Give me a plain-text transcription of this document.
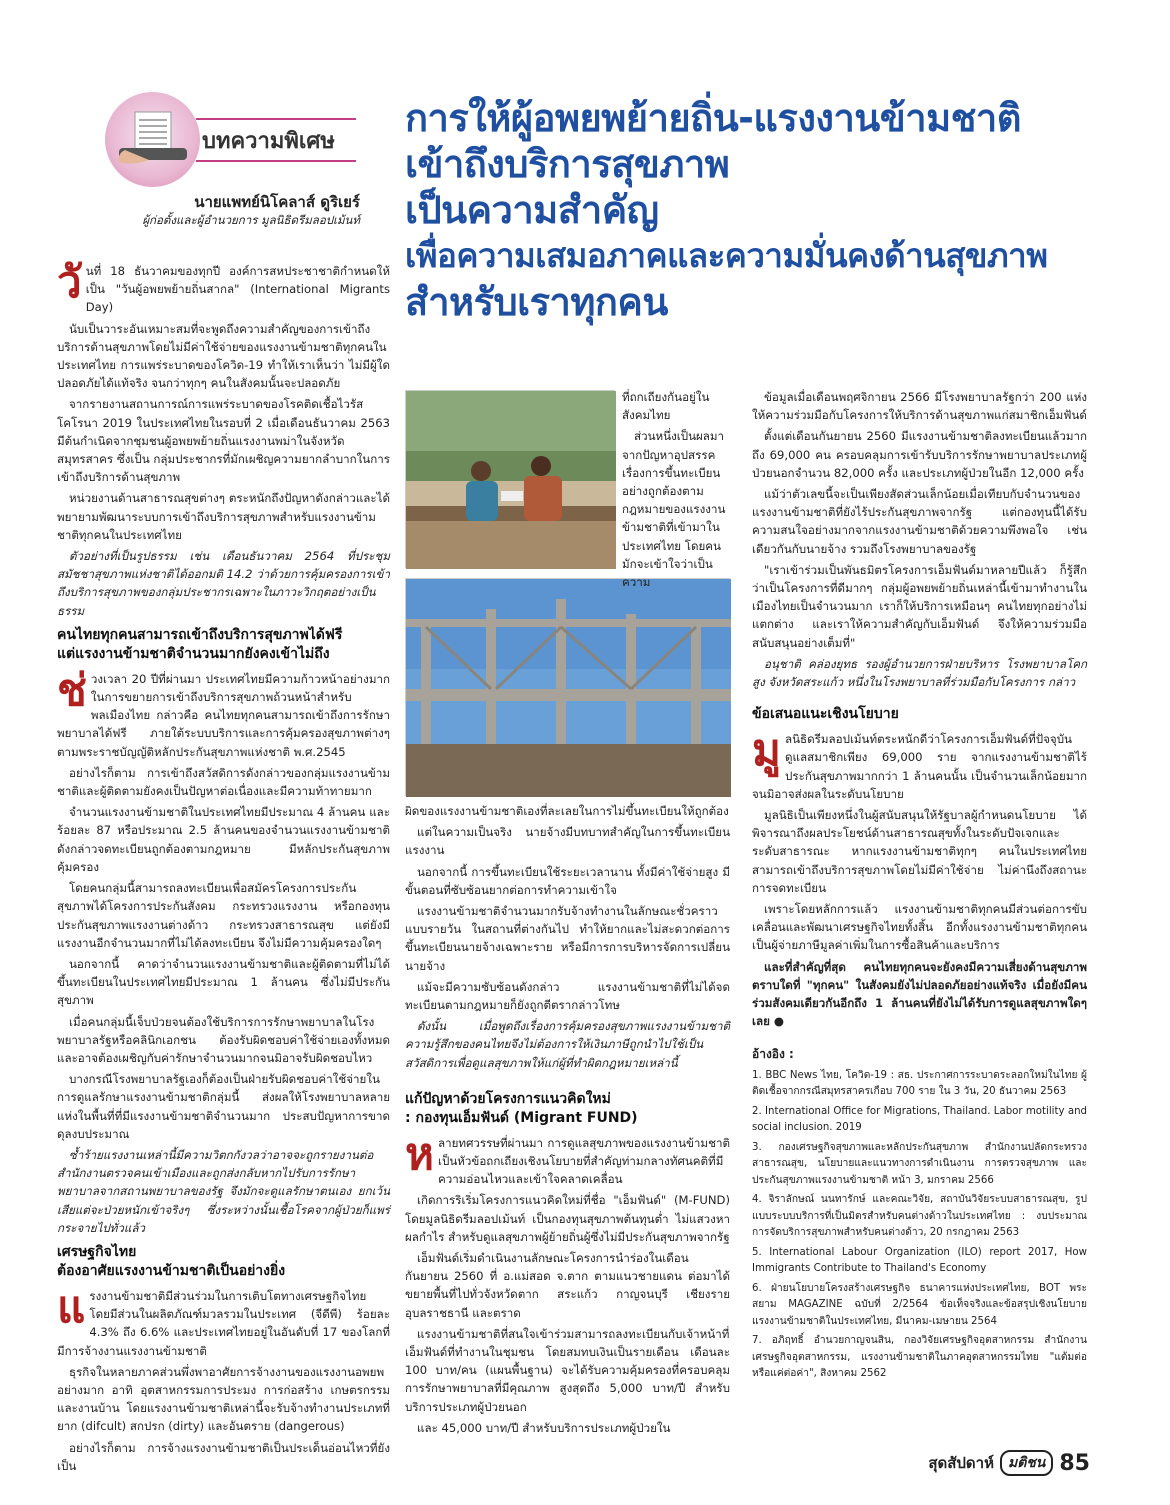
บทความพิเศษ
นายแพทย์นิโคลาส์ ดูริเยร์
ผู้ก่อตั้งและผู้อำนวยการ มูลนิธิดรีมลอปเม้นท์
การให้ผู้อพยพย้ายถิ่น-แรงงานข้ามชาติ
เข้าถึงบริการสุขภาพ
เป็นความสำคัญ
เพื่อความเสมอภาคและความมั่นคงด้านสุขภาพ
สำหรับเราทุกคน

วันที่ 18 ธันวาคมของทุกปี องค์การสหประชาชาติกำหนดให้เป็น "วันผู้อพยพย้ายถิ่นสากล" (International Migrants Day)

นับเป็นวาระอันเหมาะสมที่จะพูดถึงความสำคัญของการเข้าถึงบริการด้านสุขภาพโดยไม่มีค่าใช้จ่ายของแรงงานข้ามชาติทุกคนในประเทศไทย การแพร่ระบาดของโควิด-19 ทำให้เราเห็นว่า ไม่มีผู้ใดปลอดภัยได้แท้จริง จนกว่าทุกๆ คนในสังคมนั้นจะปลอดภัย

จากรายงานสถานการณ์การแพร่ระบาดของโรคติดเชื้อไวรัสโคโรนา 2019 ในประเทศไทยในรอบที่ 2 เมื่อเดือนธันวาคม 2563 มีต้นกำเนิดจากชุมชนผู้อพยพย้ายถิ่นแรงงานพม่าในจังหวัดสมุทรสาคร ซึ่งเป็น กลุ่มประชากรที่มักเผชิญความยากลำบากในการเข้าถึงบริการด้านสุขภาพ

หน่วยงานด้านสาธารณสุขต่างๆ ตระหนักถึงปัญหาดังกล่าวและได้พยายามพัฒนาระบบการเข้าถึงบริการสุขภาพสำหรับแรงงานข้ามชาติทุกคนในประเทศไทย

ตัวอย่างที่เป็นรูปธรรม เช่น เดือนธันวาคม 2564 ที่ประชุมสมัชชาสุขภาพแห่งชาติได้ออกมติ 14.2 ว่าด้วยการคุ้มครองการเข้าถึงบริการสุขภาพของกลุ่มประชากรเฉพาะในภาวะวิกฤตอย่างเป็นธรรม

คนไทยทุกคนสามารถเข้าถึงบริการสุขภาพได้ฟรี
แต่แรงงานข้ามชาติจำนวนมากยังคงเข้าไม่ถึง

ช่วงเวลา 20 ปีที่ผ่านมา ประเทศไทยมีความก้าวหน้าอย่างมากในการขยายการเข้าถึงบริการสุขภาพถ้วนหน้าสำหรับพลเมืองไทย กล่าวคือ คนไทยทุกคนสามารถเข้าถึงการรักษาพยาบาลได้ฟรี ภายใต้ระบบบริการและการคุ้มครองสุขภาพต่างๆ ตามพระราชบัญญัติหลักประกันสุขภาพแห่งชาติ พ.ศ.2545

อย่างไรก็ตาม การเข้าถึงสวัสดิการดังกล่าวของกลุ่มแรงงานข้ามชาติและผู้ติดตามยังคงเป็นปัญหาต่อเนื่องและมีความท้าทายมาก

จำนวนแรงงานข้ามชาติในประเทศไทยมีประมาณ 4 ล้านคน และร้อยละ 87 หรือประมาณ 2.5 ล้านคนของจำนวนแรงงานข้ามชาติดังกล่าวจดทะเบียนถูกต้องตามกฎหมาย มีหลักประกันสุขภาพคุ้มครอง

โดยคนกลุ่มนี้สามารถลงทะเบียนเพื่อสมัครโครงการประกันสุขภาพได้โครงการประกันสังคม กระทรวงแรงงาน หรือกองทุนประกันสุขภาพแรงงานต่างด้าว กระทรวงสาธารณสุข แต่ยังมีแรงงานอีกจำนวนมากที่ไม่ได้ลงทะเบียน จึงไม่มีความคุ้มครองใดๆ

นอกจากนี้ คาดว่าจำนวนแรงงานข้ามชาติและผู้ติดตามที่ไม่ได้ขึ้นทะเบียนในประเทศไทยมีประมาณ 1 ล้านคน ซึ่งไม่มีประกันสุขภาพ

เมื่อคนกลุ่มนี้เจ็บป่วยจนต้องใช้บริการการรักษาพยาบาลในโรงพยาบาลรัฐหรือคลินิกเอกชน ต้องรับผิดชอบค่าใช้จ่ายเองทั้งหมด และอาจต้องเผชิญกับค่ารักษาจำนวนมากจนมิอาจรับผิดชอบไหว

บางกรณีโรงพยาบาลรัฐเองก็ต้องเป็นฝ่ายรับผิดชอบค่าใช้จ่ายในการดูแลรักษาแรงงานข้ามชาติกลุ่มนี้ ส่งผลให้โรงพยาบาลหลายแห่งในพื้นที่ที่มีแรงงานข้ามชาติจำนวนมาก ประสบปัญหาการขาดดุลงบประมาณ

ซ้ำร้ายแรงงานเหล่านี้มีความวิตกกังวลว่าอาจจะถูกรายงานต่อสำนักงานตรวจคนเข้าเมืองและถูกส่งกลับหากไปรับการรักษาพยาบาลจากสถานพยาบาลของรัฐ จึงมักจะดูแลรักษาตนเอง ยกเว้นเสียแต่จะป่วยหนักเข้าจริงๆ ซึ่งระหว่างนั้นเชื้อโรคจากผู้ป่วยก็แพร่กระจายไปทั่วแล้ว

เศรษฐกิจไทย
ต้องอาศัยแรงงานข้ามชาติเป็นอย่างยิ่ง

แรงงานข้ามชาติมีส่วนร่วมในการเติบโตทางเศรษฐกิจไทย โดยมีส่วนในผลิตภัณฑ์มวลรวมในประเทศ (จีดีพี) ร้อยละ 4.3% ถึง 6.6% และประเทศไทยอยู่ในอันดับที่ 17 ของโลกที่มีการจ้างงานแรงงานข้ามชาติ

ธุรกิจในหลายภาคส่วนพึ่งพาอาศัยการจ้างงานของแรงงานอพยพอย่างมาก อาทิ อุตสาหกรรมการประมง การก่อสร้าง เกษตรกรรม และงานบ้าน โดยแรงงานข้ามชาติเหล่านี้จะรับจ้างทำงานประเภทที่ยาก (difcult) สกปรก (dirty) และอันตราย (dangerous)

อย่างไรก็ตาม การจ้างแรงงานข้ามชาติเป็นประเด็นอ่อนไหวที่ยังเป็น

ที่ถกเถียงกันอยู่ในสังคมไทย

ส่วนหนึ่งเป็นผลมาจากปัญหาอุปสรรคเรื่องการขึ้นทะเบียนอย่างถูกต้องตามกฎหมายของแรงงานข้ามชาติที่เข้ามาในประเทศไทย โดยคนมักจะเข้าใจว่าเป็นความ

ผิดของแรงงานข้ามชาติเองที่ละเลยในการไม่ขึ้นทะเบียนให้ถูกต้อง

แต่ในความเป็นจริง นายจ้างมีบทบาทสำคัญในการขึ้นทะเบียนแรงงาน

นอกจากนี้ การขึ้นทะเบียนใช้ระยะเวลานาน ทั้งมีค่าใช้จ่ายสูง มีขั้นตอนที่ซับซ้อนยากต่อการทำความเข้าใจ

แรงงานข้ามชาติจำนวนมากรับจ้างทำงานในลักษณะชั่วคราวแบบรายวัน ในสถานที่ต่างกันไป ทำให้ยากและไม่สะดวกต่อการขึ้นทะเบียนนายจ้างเฉพาะราย หรือมีการการบริหารจัดการเปลี่ยนนายจ้าง

แม้จะมีความซับซ้อนดังกล่าว แรงงานข้ามชาติที่ไม่ได้จดทะเบียนตามกฎหมายก็ยังถูกตีตรากล่าวโทษ

ดังนั้น เมื่อพูดถึงเรื่องการคุ้มครองสุขภาพแรงงานข้ามชาติ ความรู้สึกของคนไทยจึงไม่ต้องการให้เงินภาษีถูกนำไปใช้เป็นสวัสดิการเพื่อดูแลสุขภาพให้แก่ผู้ที่ทำผิดกฎหมายเหล่านี้

แก้ปัญหาด้วยโครงการแนวคิดใหม่
: กองทุนเอ็มฟันด์ (Migrant FUND)

หลายทศวรรษที่ผ่านมา การดูแลสุขภาพของแรงงานข้ามชาติเป็นหัวข้อถกเถียงเชิงนโยบายที่สำคัญท่ามกลางทัศนคติที่มีความอ่อนไหวและเข้าใจคลาดเคลื่อน

เกิดการริเริ่มโครงการแนวคิดใหม่ที่ชื่อ "เอ็มฟันด์" (M-FUND) โดยมูลนิธิดรีมลอปเม้นท์ เป็นกองทุนสุขภาพต้นทุนต่ำ ไม่แสวงหาผลกำไร สำหรับดูแลสุขภาพผู้ย้ายถิ่นผู้ซึ่งไม่มีประกันสุขภาพจากรัฐ

เอ็มฟันด์เริ่มดำเนินงานลักษณะโครงการนำร่องในเดือนกันยายน 2560 ที่ อ.แม่สอด จ.ตาก ตามแนวชายแดน ต่อมาได้ขยายพื้นที่ไปทั่วจังหวัดตาก สระแก้ว กาญจนบุรี เชียงราย อุบลราชธานี และตราด

แรงงานข้ามชาติที่สนใจเข้าร่วมสามารถลงทะเบียนกับเจ้าหน้าที่เอ็มฟันด์ที่ทำงานในชุมชน โดยสมทบเงินเป็นรายเดือน เดือนละ 100 บาท/คน (แผนพื้นฐาน) จะได้รับความคุ้มครองที่ครอบคลุมการรักษาพยาบาลที่มีคุณภาพ สูงสุดถึง 5,000 บาท/ปี สำหรับบริการประเภทผู้ป่วยนอก

และ 45,000 บาท/ปี สำหรับบริการประเภทผู้ป่วยใน

ข้อมูลเมื่อเดือนพฤศจิกายน 2566 มีโรงพยาบาลรัฐกว่า 200 แห่ง ให้ความร่วมมือกับโครงการให้บริการด้านสุขภาพแก่สมาชิกเอ็มฟันด์

ตั้งแต่เดือนกันยายน 2560 มีแรงงานข้ามชาติลงทะเบียนแล้วมากถึง 69,000 คน ครอบคลุมการเข้ารับบริการรักษาพยาบาลประเภทผู้ป่วยนอกจำนวน 82,000 ครั้ง และประเภทผู้ป่วยในอีก 12,000 ครั้ง

แม้ว่าตัวเลขนี้จะเป็นเพียงสัดส่วนเล็กน้อยเมื่อเทียบกับจำนวนของแรงงานข้ามชาติที่ยังไร้ประกันสุขภาพจากรัฐ แต่กองทุนนี้ได้รับความสนใจอย่างมากจากแรงงานข้ามชาติด้วยความพึงพอใจ เช่นเดียวกันกับนายจ้าง รวมถึงโรงพยาบาลของรัฐ

"เราเข้าร่วมเป็นพันธมิตรโครงการเอ็มฟันด์มาหลายปีแล้ว ก็รู้สึกว่าเป็นโครงการที่ดีมากๆ กลุ่มผู้อพยพย้ายถิ่นเหล่านี้เข้ามาทำงานในเมืองไทยเป็นจำนวนมาก เราก็ให้บริการเหมือนๆ คนไทยทุกอย่างไม่แตกต่าง และเราให้ความสำคัญกับเอ็มฟันด์ จึงให้ความร่วมมือสนับสนุนอย่างเต็มที่"

อนุชาติ คล่องยุทธ รองผู้อำนวยการฝ่ายบริหาร โรงพยาบาลโคกสูง จังหวัดสระแก้ว หนึ่งในโรงพยาบาลที่ร่วมมือกับโครงการ กล่าว

ข้อเสนอแนะเชิงนโยบาย

มูลนิธิดรีมลอปเม้นท์ตระหนักดีว่าโครงการเอ็มฟันด์ที่ปัจจุบันดูแลสมาชิกเพียง 69,000 ราย จากแรงงานข้ามชาติไร้ประกันสุขภาพมากกว่า 1 ล้านคนนั้น เป็นจำนวนเล็กน้อยมากจนมิอาจส่งผลในระดับนโยบาย

มูลนิธิเป็นเพียงหนึ่งในผู้สนับสนุนให้รัฐบาลผู้กำหนดนโยบาย ได้พิจารณาถึงผลประโยชน์ด้านสาธารณสุขทั้งในระดับปัจเจกและระดับสาธารณะ หากแรงงานข้ามชาติทุกๆ คนในประเทศไทยสามารถเข้าถึงบริการสุขภาพโดยไม่มีค่าใช้จ่าย ไม่ค่านึงถึงสถานะการจดทะเบียน

เพราะโดยหลักการแล้ว แรงงานข้ามชาติทุกคนมีส่วนต่อการขับเคลื่อนและพัฒนาเศรษฐกิจไทยทั้งสิ้น อีกทั้งแรงงานข้ามชาติทุกคนเป็นผู้จ่ายภาษีมูลค่าเพิ่มในการซื้อสินค้าและบริการ

และที่สำคัญที่สุด คนไทยทุกคนจะยังคงมีความเสี่ยงด้านสุขภาพ ตราบใดที่ "ทุกคน" ในสังคมยังไม่ปลอดภัยอย่างแท้จริง เมื่อยังมีคนร่วมสังคมเดียวกันอีกถึง 1 ล้านคนที่ยังไม่ได้รับการดูแลสุขภาพใดๆ เลย ●

อ้างอิง :
1. BBC News ไทย, โควิด-19 : สธ. ประกาศการระบาดระลอกใหม่ในไทย ผู้ติดเชื้อจากกรณีสมุทรสาครเกือบ 700 ราย ใน 3 วัน, 20 ธันวาคม 2563
2. International Office for Migrations, Thailand. Labor motility and social inclusion. 2019
3. กองเศรษฐกิจสุขภาพและหลักประกันสุขภาพ สำนักงานปลัดกระทรวงสาธารณสุข, นโยบายและแนวทางการดำเนินงาน การตรวจสุขภาพ และประกันสุขภาพแรงงานข้ามชาติ หน้า 3, มกราคม 2566
4. จิราลักษณ์ นนทารักษ์ และคณะวิจัย, สถาบันวิจัยระบบสาธารณสุข, รูปแบบระบบบริการที่เป็นมิตรสำหรับคนต่างด้าวในประเทศไทย : งบประมาณการจัดบริการสุขภาพสำหรับคนต่างด้าว, 20 กรกฎาคม 2563
5. International Labour Organization (ILO) report 2017, How Immigrants Contribute to Thailand's Economy
6. ฝ่ายนโยบายโครงสร้างเศรษฐกิจ ธนาคารแห่งประเทศไทย, BOT พระสยาม MAGAZINE ฉบับที่ 2/2564 ข้อเท็จจริงและข้อสรุปเชิงนโยบายแรงงานข้ามชาติในประเทศไทย, มีนาคม-เมษายน 2564
7. อภิฤทธิ์ อำนวยกาญจนสิน, กองวิจัยเศรษฐกิจอุตสาหกรรม สำนักงานเศรษฐกิจอุตสาหกรรม, แรงงานข้ามชาติในภาคอุตสาหกรรมไทย "แต้มต่อหรือแค่ต่อค่า", สิงหาคม 2562
สุดสัปดาห์	มติชน 85
